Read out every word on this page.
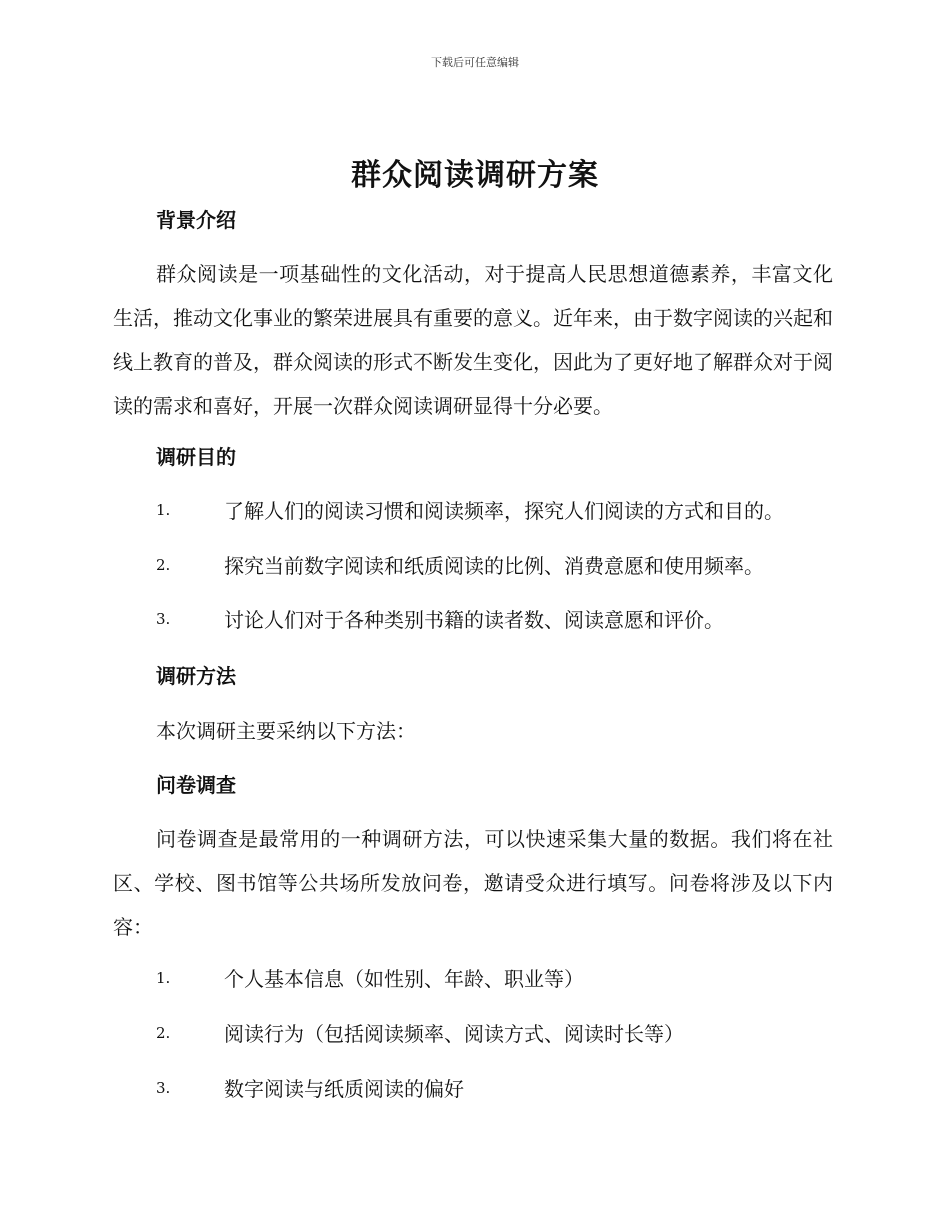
下载后可任意编辑
群众阅读调研方案
背景介绍

群众阅读是一项基础性的文化活动，对于提高人民思想道德素养，丰富文化生活，推动文化事业的繁荣进展具有重要的意义。近年来，由于数字阅读的兴起和线上教育的普及，群众阅读的形式不断发生变化，因此为了更好地了解群众对于阅读的需求和喜好，开展一次群众阅读调研显得十分必要。

调研目的
1.	了解人们的阅读习惯和阅读频率，探究人们阅读的方式和目的。
2.	探究当前数字阅读和纸质阅读的比例、消费意愿和使用频率。
3.	讨论人们对于各种类别书籍的读者数、阅读意愿和评价。
调研方法

本次调研主要采纳以下方法：

问卷调查

问卷调查是最常用的一种调研方法，可以快速采集大量的数据。我们将在社区、学校、图书馆等公共场所发放问卷，邀请受众进行填写。问卷将涉及以下内容：

1.	个人基本信息（如性别、年龄、职业等）
2.	阅读行为（包括阅读频率、阅读方式、阅读时长等）
3.	数字阅读与纸质阅读的偏好
